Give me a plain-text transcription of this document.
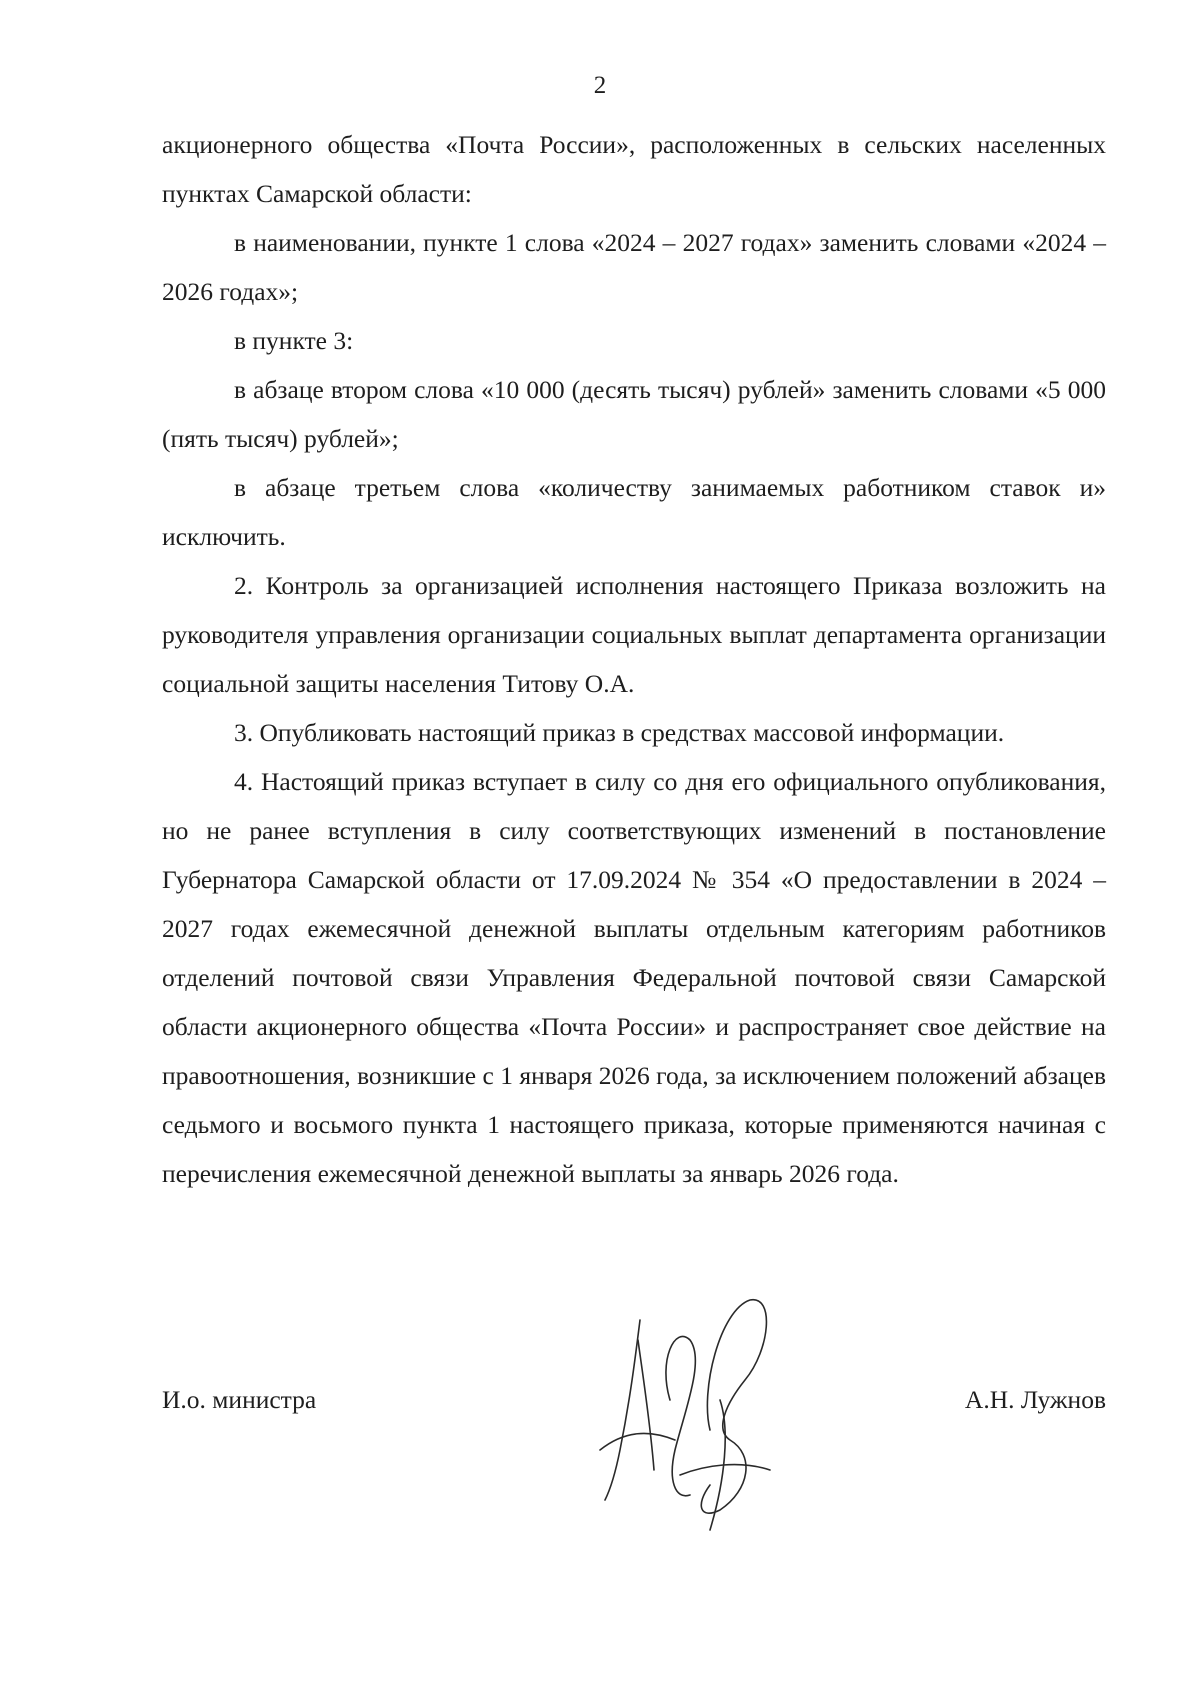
2

акционерного общества «Почта России», расположенных в сельских населенных пунктах Самарской области:

в наименовании, пункте 1 слова «2024 – 2027 годах» заменить словами «2024 – 2026 годах»;

в пункте 3:

в абзаце втором слова «10 000 (десять тысяч) рублей» заменить словами «5 000 (пять тысяч) рублей»;

в абзаце третьем слова «количеству занимаемых работником ставок и» исключить.

2. Контроль за организацией исполнения настоящего Приказа возложить на руководителя управления организации социальных выплат департамента организации социальной защиты населения Титову О.А.

3. Опубликовать настоящий приказ в средствах массовой информации.

4. Настоящий приказ вступает в силу со дня его официального опубликования, но не ранее вступления в силу соответствующих изменений в постановление Губернатора Самарской области от 17.09.2024 № 354 «О предоставлении в 2024 – 2027 годах ежемесячной денежной выплаты отдельным категориям работников отделений почтовой связи Управления Федеральной почтовой связи Самарской области акционерного общества «Почта России» и распространяет свое действие на правоотношения, возникшие с 1 января 2026 года, за исключением положений абзацев седьмого и восьмого пункта 1 настоящего приказа, которые применяются начиная с перечисления ежемесячной денежной выплаты за январь 2026 года.

И.о. министра	А.Н. Лужнов
